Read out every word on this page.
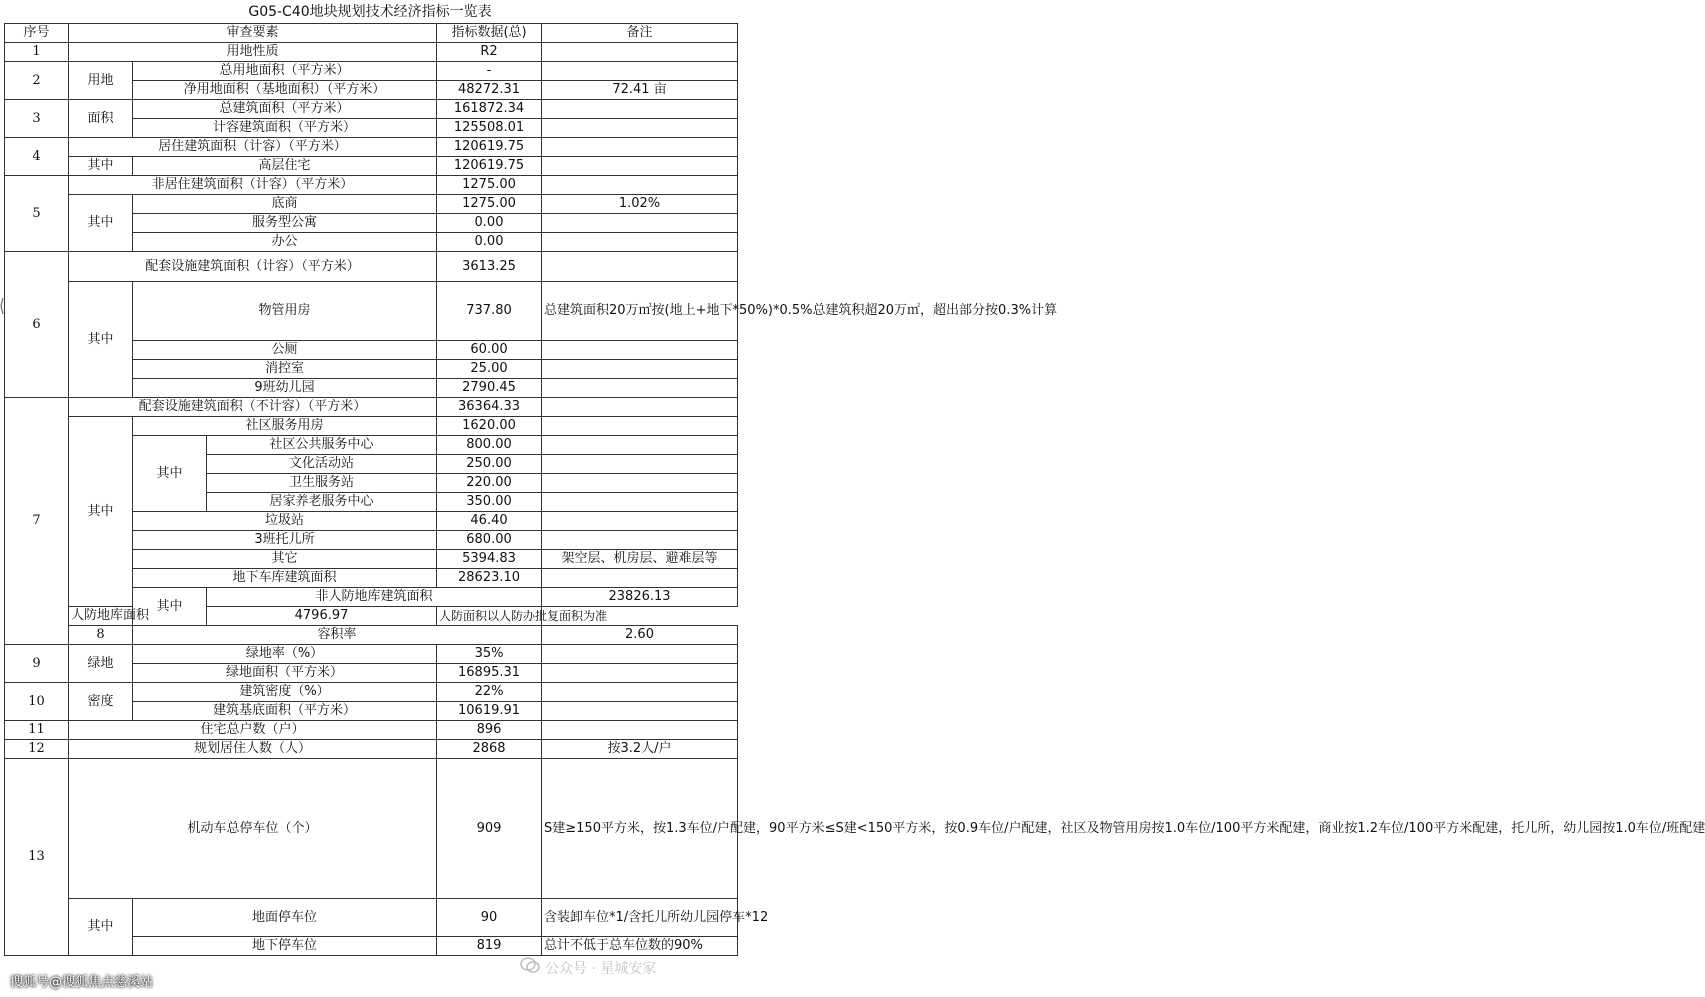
G05-C40地块规划技术经济指标一览表
序号	审查要素			指标数据(总)	备注	
1	用地性质			R2		
2	用地	总用地面积（平方米）		-		
		净用地面积（基地面积）（平方米）		48272.31	72.41 亩	
3	面积	总建筑面积（平方米）		161872.34		
		计容建筑面积（平方米）		125508.01		
4	居住建筑面积（计容）（平方米）			120619.75		
	其中	高层住宅		120619.75		
5	非居住建筑面积（计容）（平方米）			1275.00		
	其中	底商		1275.00	1.02%	
		服务型公寓		0.00		
		办公		0.00		
6	配套设施建筑面积（计容）（平方米）			3613.25		
	其中	物管用房		737.80	总建筑面积20万㎡按(地上+地下*50%)*0.5%总建筑积超20万㎡，超出部分按0.3%计算	
		公厕		60.00		
		消控室		25.00		
		9班幼儿园		2790.45		
7	配套设施建筑面积（不计容）（平方米）			36364.33		
	其中	社区服务用房		1620.00		
		其中	社区公共服务中心	800.00		
			文化活动站	250.00		
			卫生服务站	220.00		
			居家养老服务中心	350.00		
		垃圾站		46.40		
		3班托儿所		680.00		
		其它		5394.83	架空层、机房层、避难层等	
		地下车库建筑面积		28623.10		
		其中	非人防地库建筑面积		23826.13	
	人防地库面积		4796.97	人防面积以人防办批复面积为准		
	8	容积率			2.60	
9	绿地	绿地率（%）		35%		
		绿地面积（平方米）		16895.31		
10	密度	建筑密度（%）		22%		
		建筑基底面积（平方米）		10619.91		
11	住宅总户数（户）			896		
12	规划居住人数（人）			2868	按3.2人/户	
13	机动车总停车位（个）			909	S建≥150平方米，按1.3车位/户配建，90平方米≤S建<150平方米，按0.9车位/户配建，社区及物管用房按1.0车位/100平方米配建，商业按1.2车位/100平方米配建，托儿所，幼儿园按1.0车位/班配建	
	其中	地面停车位		90	含装卸车位*1/含托儿所幼儿园停车*12	
		地下停车位		819	总计不低于总车位数的90%	
公众号 · 星城安家
搜狐号@搜狐焦点慈溪站
